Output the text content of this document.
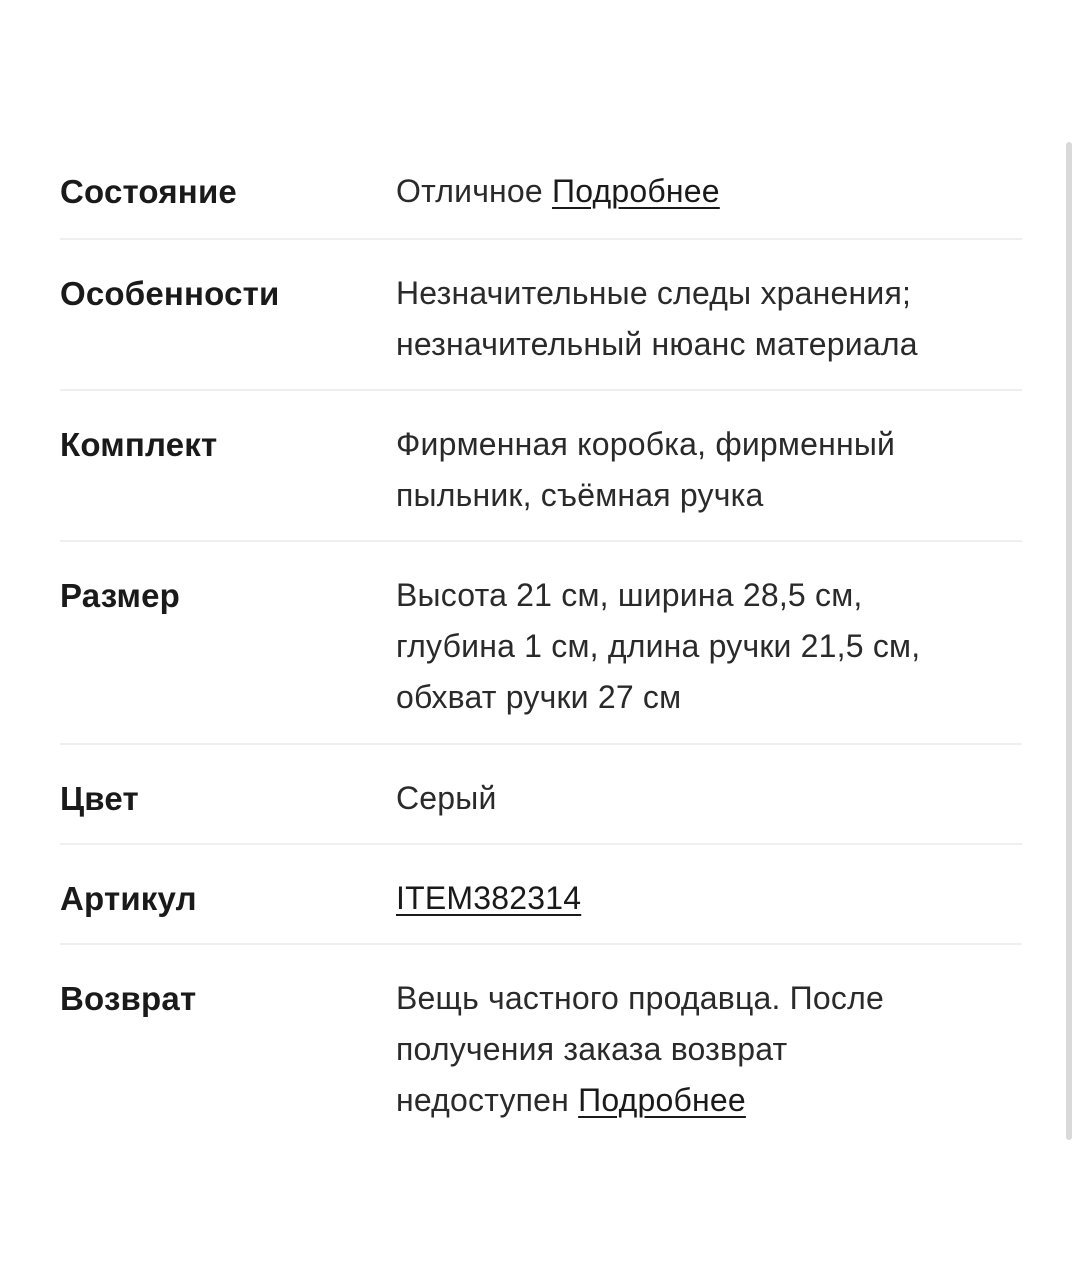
Состояние	Отличное Подробнее
Особенности	Незначительные следы хранения;
незначительный нюанс материала
Комплект	Фирменная коробка, фирменный
пыльник, съёмная ручка
Размер	Высота 21 см, ширина 28,5 см,
глубина 1 см, длина ручки 21,5 см,
обхват ручки 27 см
Цвет	Серый
Артикул	ITEM382314
Возврат	Вещь частного продавца. После
получения заказа возврат
недоступен Подробнее
